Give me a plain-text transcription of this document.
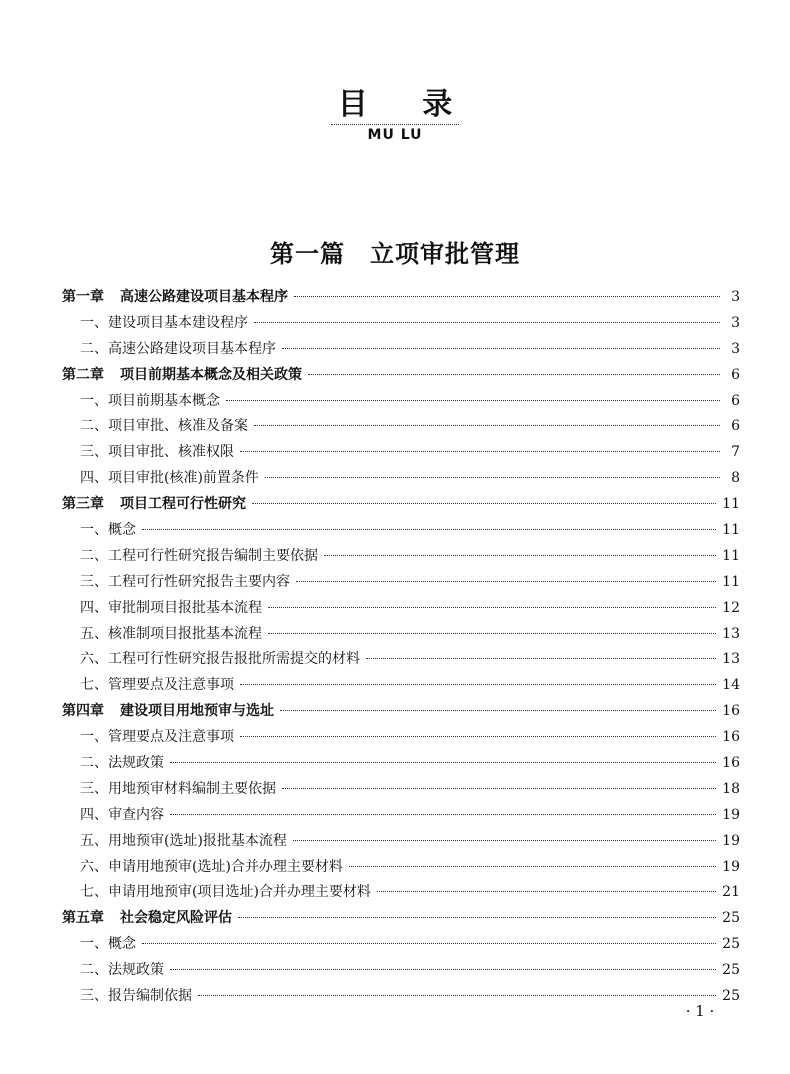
目 录
MU LU
第一篇　立项审批管理
第一章 高速公路建设项目基本程序	3
一、建设项目基本建设程序	3
二、高速公路建设项目基本程序	3
第二章 项目前期基本概念及相关政策	6
一、项目前期基本概念	6
二、项目审批、核准及备案	6
三、项目审批、核准权限	7
四、项目审批(核准)前置条件	8
第三章 项目工程可行性研究	11
一、概念	11
二、工程可行性研究报告编制主要依据	11
三、工程可行性研究报告主要内容	11
四、审批制项目报批基本流程	12
五、核准制项目报批基本流程	13
六、工程可行性研究报告报批所需提交的材料	13
七、管理要点及注意事项	14
第四章 建设项目用地预审与选址	16
一、管理要点及注意事项	16
二、法规政策	16
三、用地预审材料编制主要依据	18
四、审查内容	19
五、用地预审(选址)报批基本流程	19
六、申请用地预审(选址)合并办理主要材料	19
七、申请用地预审(项目选址)合并办理主要材料	21
第五章 社会稳定风险评估	25
一、概念	25
二、法规政策	25
三、报告编制依据	25
· 1 ·
